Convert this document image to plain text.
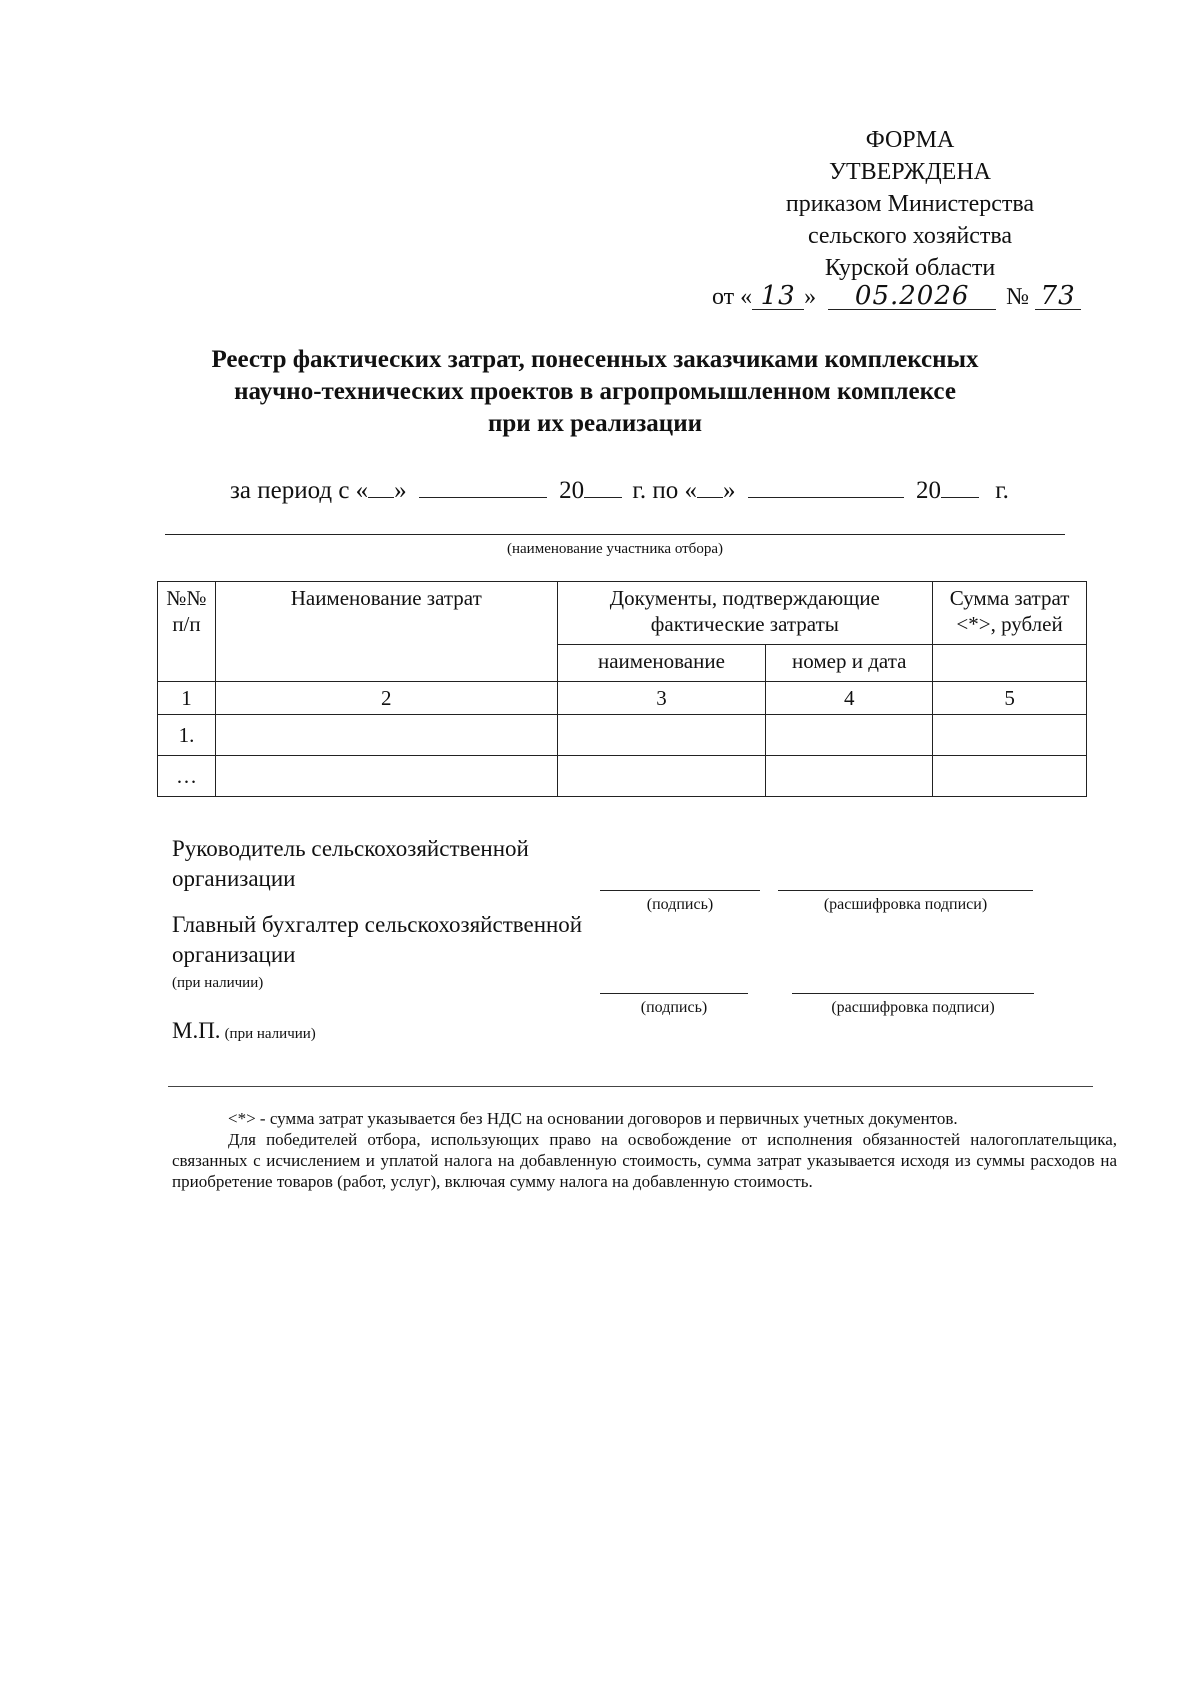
ФОРМА
УТВЕРЖДЕНА
приказом Министерства
сельского хозяйства
Курской области
от « 13 » 05.2026 № 73
Реестр фактических затрат, понесенных заказчиками комплексных
научно-технических проектов в агропромышленном комплексе
при их реализации
за период с « »	20 г. по « »	20 г.
(наименование участника отбора)
№№ п/п	Наименование затрат	Документы, подтверждающие фактические затраты		Сумма затрат <*>, рублей
		наименование	номер и дата	
1	2	3	4	5
1.				
…				
Руководитель сельскохозяйственной
организации
(подпись)	(расшифровка подписи)
Главный бухгалтер сельскохозяйственной
организации
(при наличии)
(подпись)	(расшифровка подписи)
М.П. (при наличии)
<*> - сумма затрат указывается без НДС на основании договоров и первичных учетных документов.
Для победителей отбора, использующих право на освобождение от исполнения обязанностей налогоплательщика, связанных с исчислением и уплатой налога на добавленную стоимость, сумма затрат указывается исходя из суммы расходов на приобретение товаров (работ, услуг), включая сумму налога на добавленную стоимость.
